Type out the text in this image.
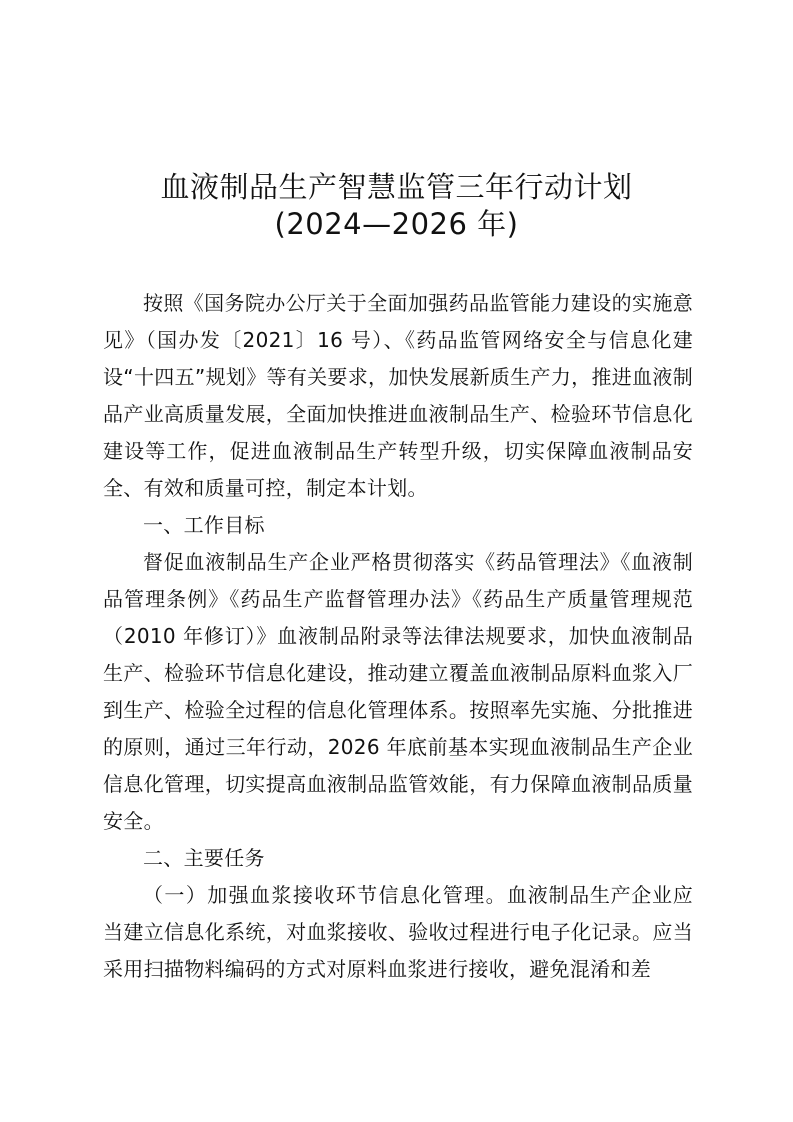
血液制品生产智慧监管三年行动计划
(2024—2026 年)

按照《国务院办公厅关于全面加强药品监管能力建设的实施意见》（国办发〔2021〕16 号）、《药品监管网络安全与信息化建设“十四五”规划》等有关要求，加快发展新质生产力，推进血液制品产业高质量发展，全面加快推进血液制品生产、检验环节信息化建设等工作，促进血液制品生产转型升级，切实保障血液制品安全、有效和质量可控，制定本计划。

一、工作目标

督促血液制品生产企业严格贯彻落实《药品管理法》《血液制品管理条例》《药品生产监督管理办法》《药品生产质量管理规范（2010 年修订）》血液制品附录等法律法规要求，加快血液制品生产、检验环节信息化建设，推动建立覆盖血液制品原料血浆入厂到生产、检验全过程的信息化管理体系。按照率先实施、分批推进的原则，通过三年行动，2026 年底前基本实现血液制品生产企业信息化管理，切实提高血液制品监管效能，有力保障血液制品质量安全。

二、主要任务

（一）加强血浆接收环节信息化管理。血液制品生产企业应当建立信息化系统，对血浆接收、验收过程进行电子化记录。应当采用扫描物料编码的方式对原料血浆进行接收，避免混淆和差
